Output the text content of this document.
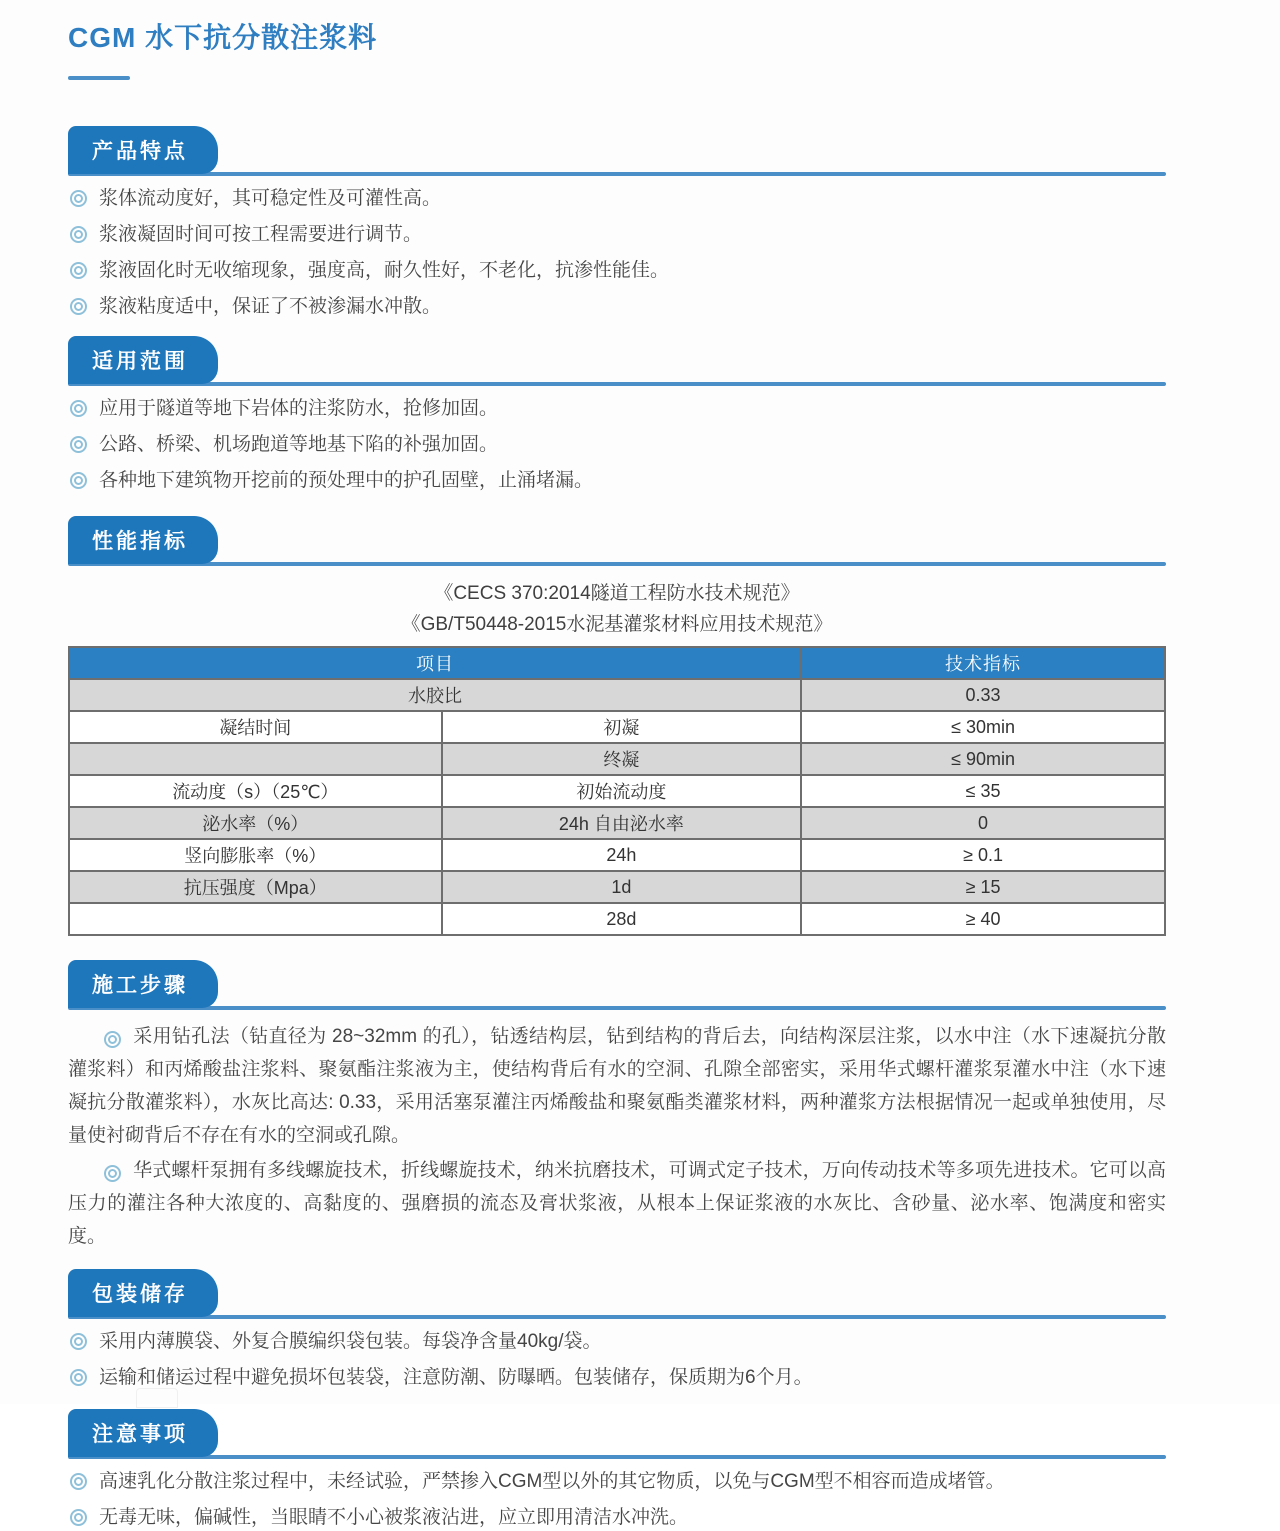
CGM 水下抗分散注浆料
产品特点
浆体流动度好，其可稳定性及可灌性高。
浆液凝固时间可按工程需要进行调节。
浆液固化时无收缩现象，强度高，耐久性好，不老化，抗渗性能佳。
浆液粘度适中，保证了不被渗漏水冲散。
适用范围
应用于隧道等地下岩体的注浆防水，抢修加固。
公路、桥梁、机场跑道等地基下陷的补强加固。
各种地下建筑物开挖前的预处理中的护孔固壁，止涌堵漏。
性能指标
《CECS 370:2014隧道工程防水技术规范》
《GB/T50448-2015水泥基灌浆材料应用技术规范》
项目		技术指标
水胶比		0.33
凝结时间	初凝	≤ 30min
	终凝	≤ 90min
流动度（s）（25℃）	初始流动度	≤ 35
泌水率（%）	24h 自由泌水率	0
竖向膨胀率（%）	24h	≥ 0.1
抗压强度（Mpa）	1d	≥ 15
	28d	≥ 40
施工步骤

采用钻孔法（钻直径为 28~32mm 的孔），钻透结构层，钻到结构的背后去，向结构深层注浆，以水中注（水下速凝抗分散灌浆料）和丙烯酸盐注浆料、聚氨酯注浆液为主，使结构背后有水的空洞、孔隙全部密实，采用华式螺杆灌浆泵灌水中注（水下速凝抗分散灌浆料），水灰比高达: 0.33，采用活塞泵灌注丙烯酸盐和聚氨酯类灌浆材料，两种灌浆方法根据情况一起或单独使用，尽量使衬砌背后不存在有水的空洞或孔隙。

华式螺杆泵拥有多线螺旋技术，折线螺旋技术，纳米抗磨技术，可调式定子技术，万向传动技术等多项先进技术。它可以高压力的灌注各种大浓度的、高黏度的、强磨损的流态及膏状浆液，从根本上保证浆液的水灰比、含砂量、泌水率、饱满度和密实度。

包装储存
采用内薄膜袋、外复合膜编织袋包装。每袋净含量40kg/袋。
运输和储运过程中避免损坏包装袋，注意防潮、防曝晒。包装储存，保质期为6个月。
注意事项
高速乳化分散注浆过程中，未经试验，严禁掺入CGM型以外的其它物质，以免与CGM型不相容而造成堵管。
无毒无味，偏碱性，当眼睛不小心被浆液沾进，应立即用清洁水冲洗。
